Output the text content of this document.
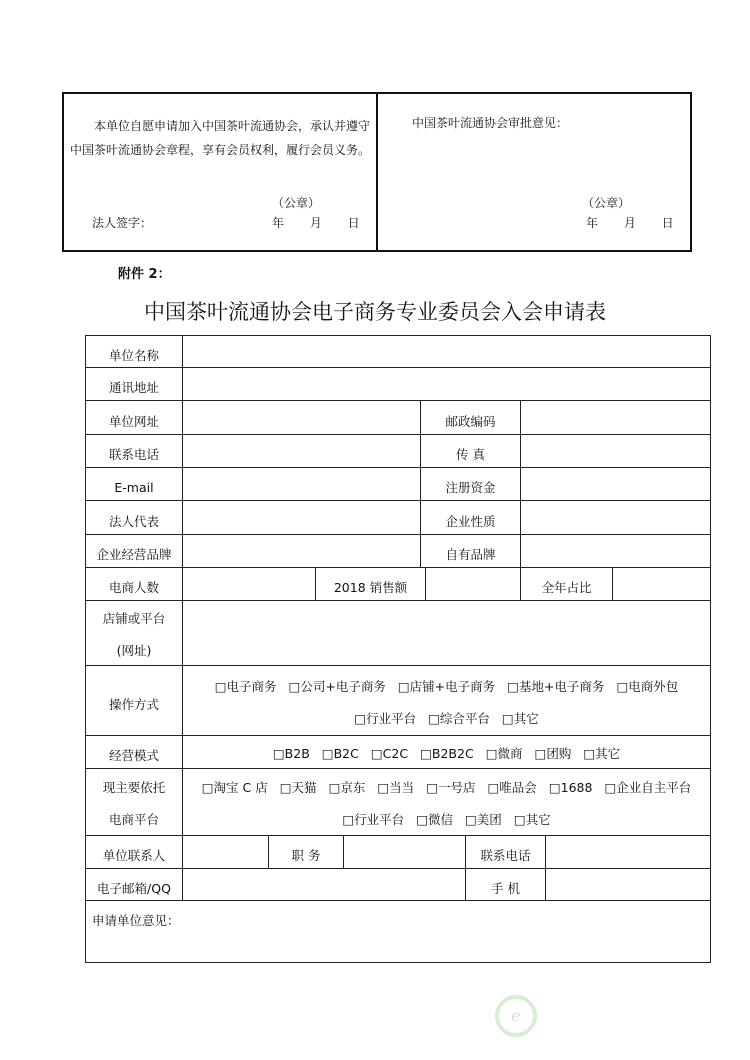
本单位自愿申请加入中国茶叶流通协会，承认并遵守中国茶叶流通协会章程，享有会员权利，履行会员义务。
（公章）
法人签字：	年 月 日
中国茶叶流通协会审批意见：
（公章）
年 月 日
附件 2：
中国茶叶流通协会电子商务专业委员会入会申请表
单位名称
通讯地址
单位网址	邮政编码
联系电话	传 真
E-mail	注册资金
法人代表	企业性质
企业经营品牌	自有品牌
电商人数	2018 销售额	全年占比
店铺或平台
(网址)
操作方式
□电子商务 □公司+电子商务 □店铺+电子商务 □基地+电子商务 □电商外包
□行业平台 □综合平台 □其它
经营模式	□B2B □B2C □C2C □B2B2C □微商 □团购 □其它
现主要依托
电商平台
□淘宝 C 店 □天猫 □京东 □当当 □一号店 □唯品会 □1688 □企业自主平台
□行业平台 □微信 □美团 □其它
单位联系人	职 务	联系电话
电子邮箱/QQ	手 机
申请单位意见：
ℯ
